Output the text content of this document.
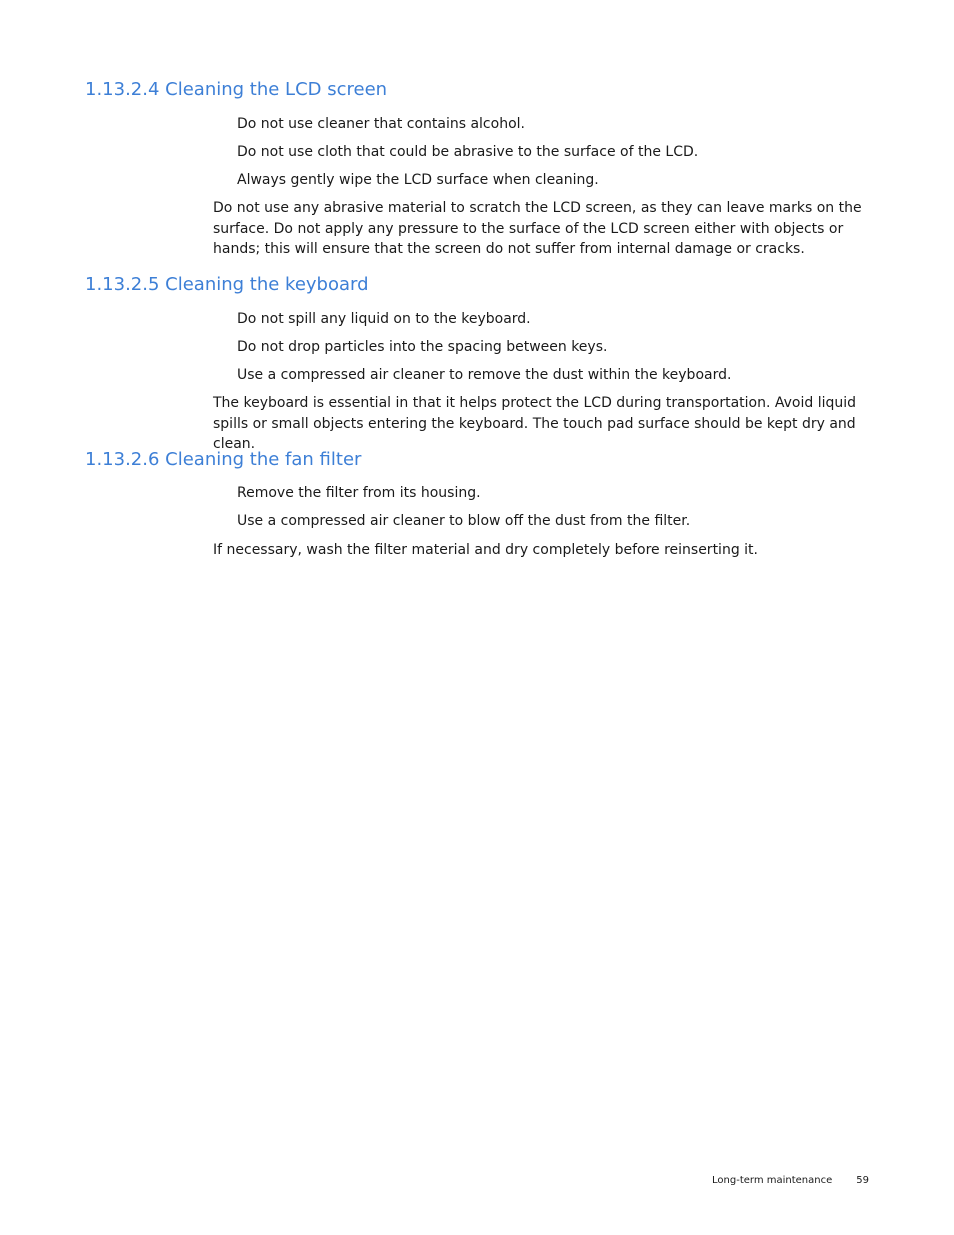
1.13.2.4 Cleaning the LCD screen

Do not use cleaner that contains alcohol.

Do not use cloth that could be abrasive to the surface of the LCD.

Always gently wipe the LCD surface when cleaning.

Do not use any abrasive material to scratch the LCD screen, as they can leave marks on the surface. Do not apply any pressure to the surface of the LCD screen either with objects or hands; this will ensure that the screen do not suffer from internal damage or cracks.

1.13.2.5 Cleaning the keyboard

Do not spill any liquid on to the keyboard.

Do not drop particles into the spacing between keys.

Use a compressed air cleaner to remove the dust within the keyboard.

The keyboard is essential in that it helps protect the LCD during transportation. Avoid liquid spills or small objects entering the keyboard. The touch pad surface should be kept dry and clean.

1.13.2.6 Cleaning the fan filter

Remove the filter from its housing.

Use a compressed air cleaner to blow off the dust from the filter.

If necessary, wash the filter material and dry completely before reinserting it.

Long-term maintenance 59
